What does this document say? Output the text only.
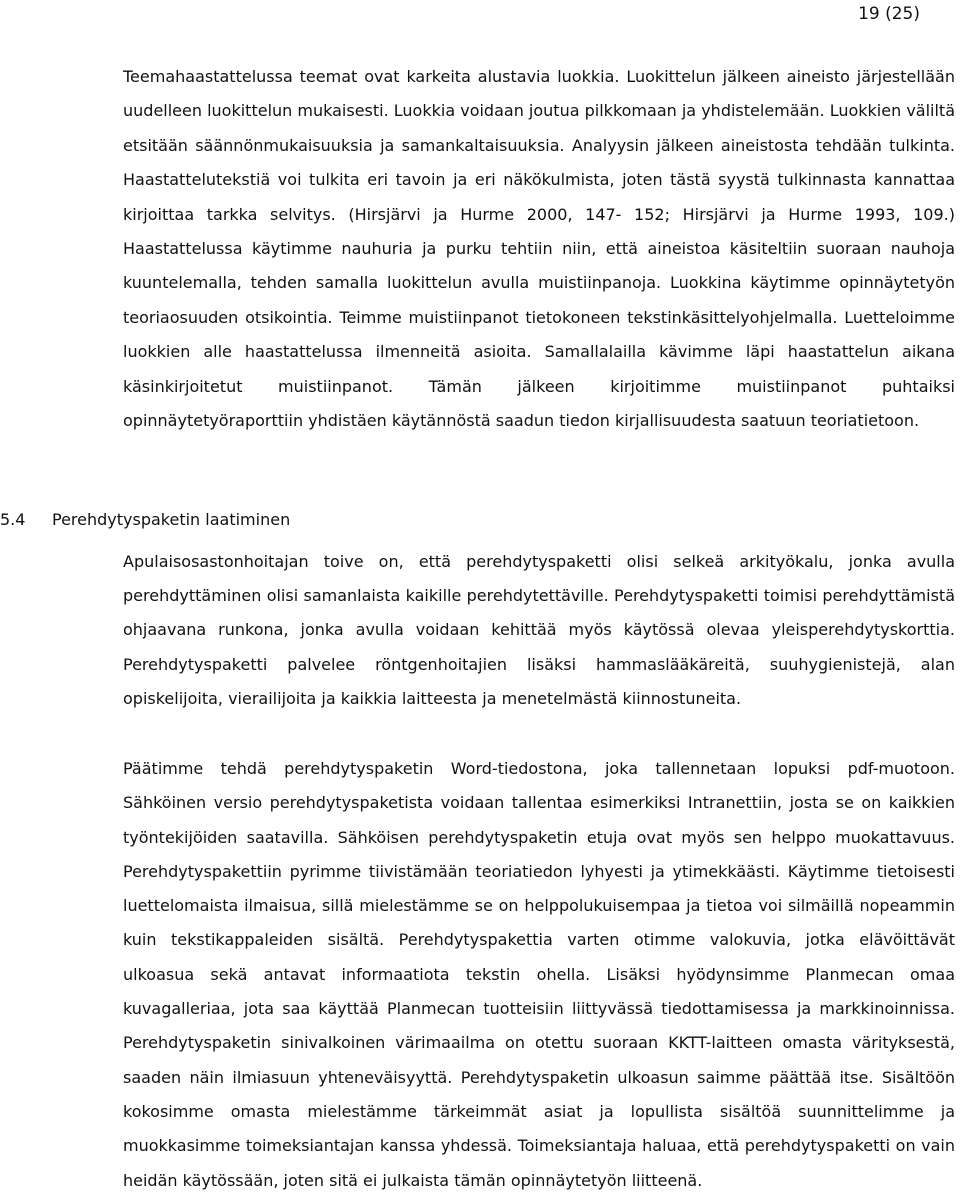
19 (25)

Teemahaastattelussa teemat ovat karkeita alustavia luokkia. Luokittelun jälkeen aineisto järjestellään uudelleen luokittelun mukaisesti. Luokkia voidaan joutua pilkkomaan ja yhdistelemään. Luokkien väliltä etsitään säännönmukaisuuksia ja samankaltaisuuksia. Analyysin jälkeen aineistosta tehdään tulkinta. Haastattelutekstiä voi tulkita eri tavoin ja eri näkökulmista, joten tästä syystä tulkinnasta kannattaa kirjoittaa tarkka selvitys. (Hirsjärvi ja Hurme 2000, 147- 152; Hirsjärvi ja Hurme 1993, 109.) Haastattelussa käytimme nauhuria ja purku tehtiin niin, että aineistoa käsiteltiin suoraan nauhoja kuuntelemalla, tehden samalla luokittelun avulla muistiinpanoja. Luokkina käytimme opinnäytetyön teoriaosuuden otsikointia. Teimme muistiinpanot tietokoneen tekstinkäsittelyohjelmalla. Luetteloimme luokkien alle haastattelussa ilmenneitä asioita. Samallalailla kävimme läpi haastattelun aikana käsinkirjoitetut muistiinpanot. Tämän jälkeen kirjoitimme muistiinpanot puhtaiksi opinnäytetyöraporttiin yhdistäen käytännöstä saadun tiedon kirjallisuudesta saatuun teoriatietoon.

5.4 Perehdytyspaketin laatiminen

Apulaisosastonhoitajan toive on, että perehdytyspaketti olisi selkeä arkityökalu, jonka avulla perehdyttäminen olisi samanlaista kaikille perehdytettäville. Perehdytyspaketti toimisi perehdyttämistä ohjaavana runkona, jonka avulla voidaan kehittää myös käytössä olevaa yleisperehdytyskorttia. Perehdytyspaketti palvelee röntgenhoitajien lisäksi hammaslääkäreitä, suuhygienistejä, alan opiskelijoita, vierailijoita ja kaikkia laitteesta ja menetelmästä kiinnostuneita.

Päätimme tehdä perehdytyspaketin Word-tiedostona, joka tallennetaan lopuksi pdf-muotoon. Sähköinen versio perehdytyspaketista voidaan tallentaa esimerkiksi Intranettiin, josta se on kaikkien työntekijöiden saatavilla. Sähköisen perehdytyspaketin etuja ovat myös sen helppo muokattavuus. Perehdytyspakettiin pyrimme tiivistämään teoriatiedon lyhyesti ja ytimekkäästi. Käytimme tietoisesti luettelomaista ilmaisua, sillä mielestämme se on helppolukuisempaa ja tietoa voi silmäillä nopeammin kuin tekstikappaleiden sisältä. Perehdytyspakettia varten otimme valokuvia, jotka elävöittävät ulkoasua sekä antavat informaatiota tekstin ohella. Lisäksi hyödynsimme Planmecan omaa kuvagalleriaa, jota saa käyttää Planmecan tuotteisiin liittyvässä tiedottamisessa ja markkinoinnissa. Perehdytyspaketin sinivalkoinen värimaailma on otettu suoraan KKTT-laitteen omasta värityksestä, saaden näin ilmiasuun yhteneväisyyttä. Perehdytyspaketin ulkoasun saimme päättää itse. Sisältöön kokosimme omasta mielestämme tärkeimmät asiat ja lopullista sisältöä suunnittelimme ja muokkasimme toimeksiantajan kanssa yhdessä. Toimeksiantaja haluaa, että perehdytyspaketti on vain heidän käytössään, joten sitä ei julkaista tämän opinnäytetyön liitteenä.
